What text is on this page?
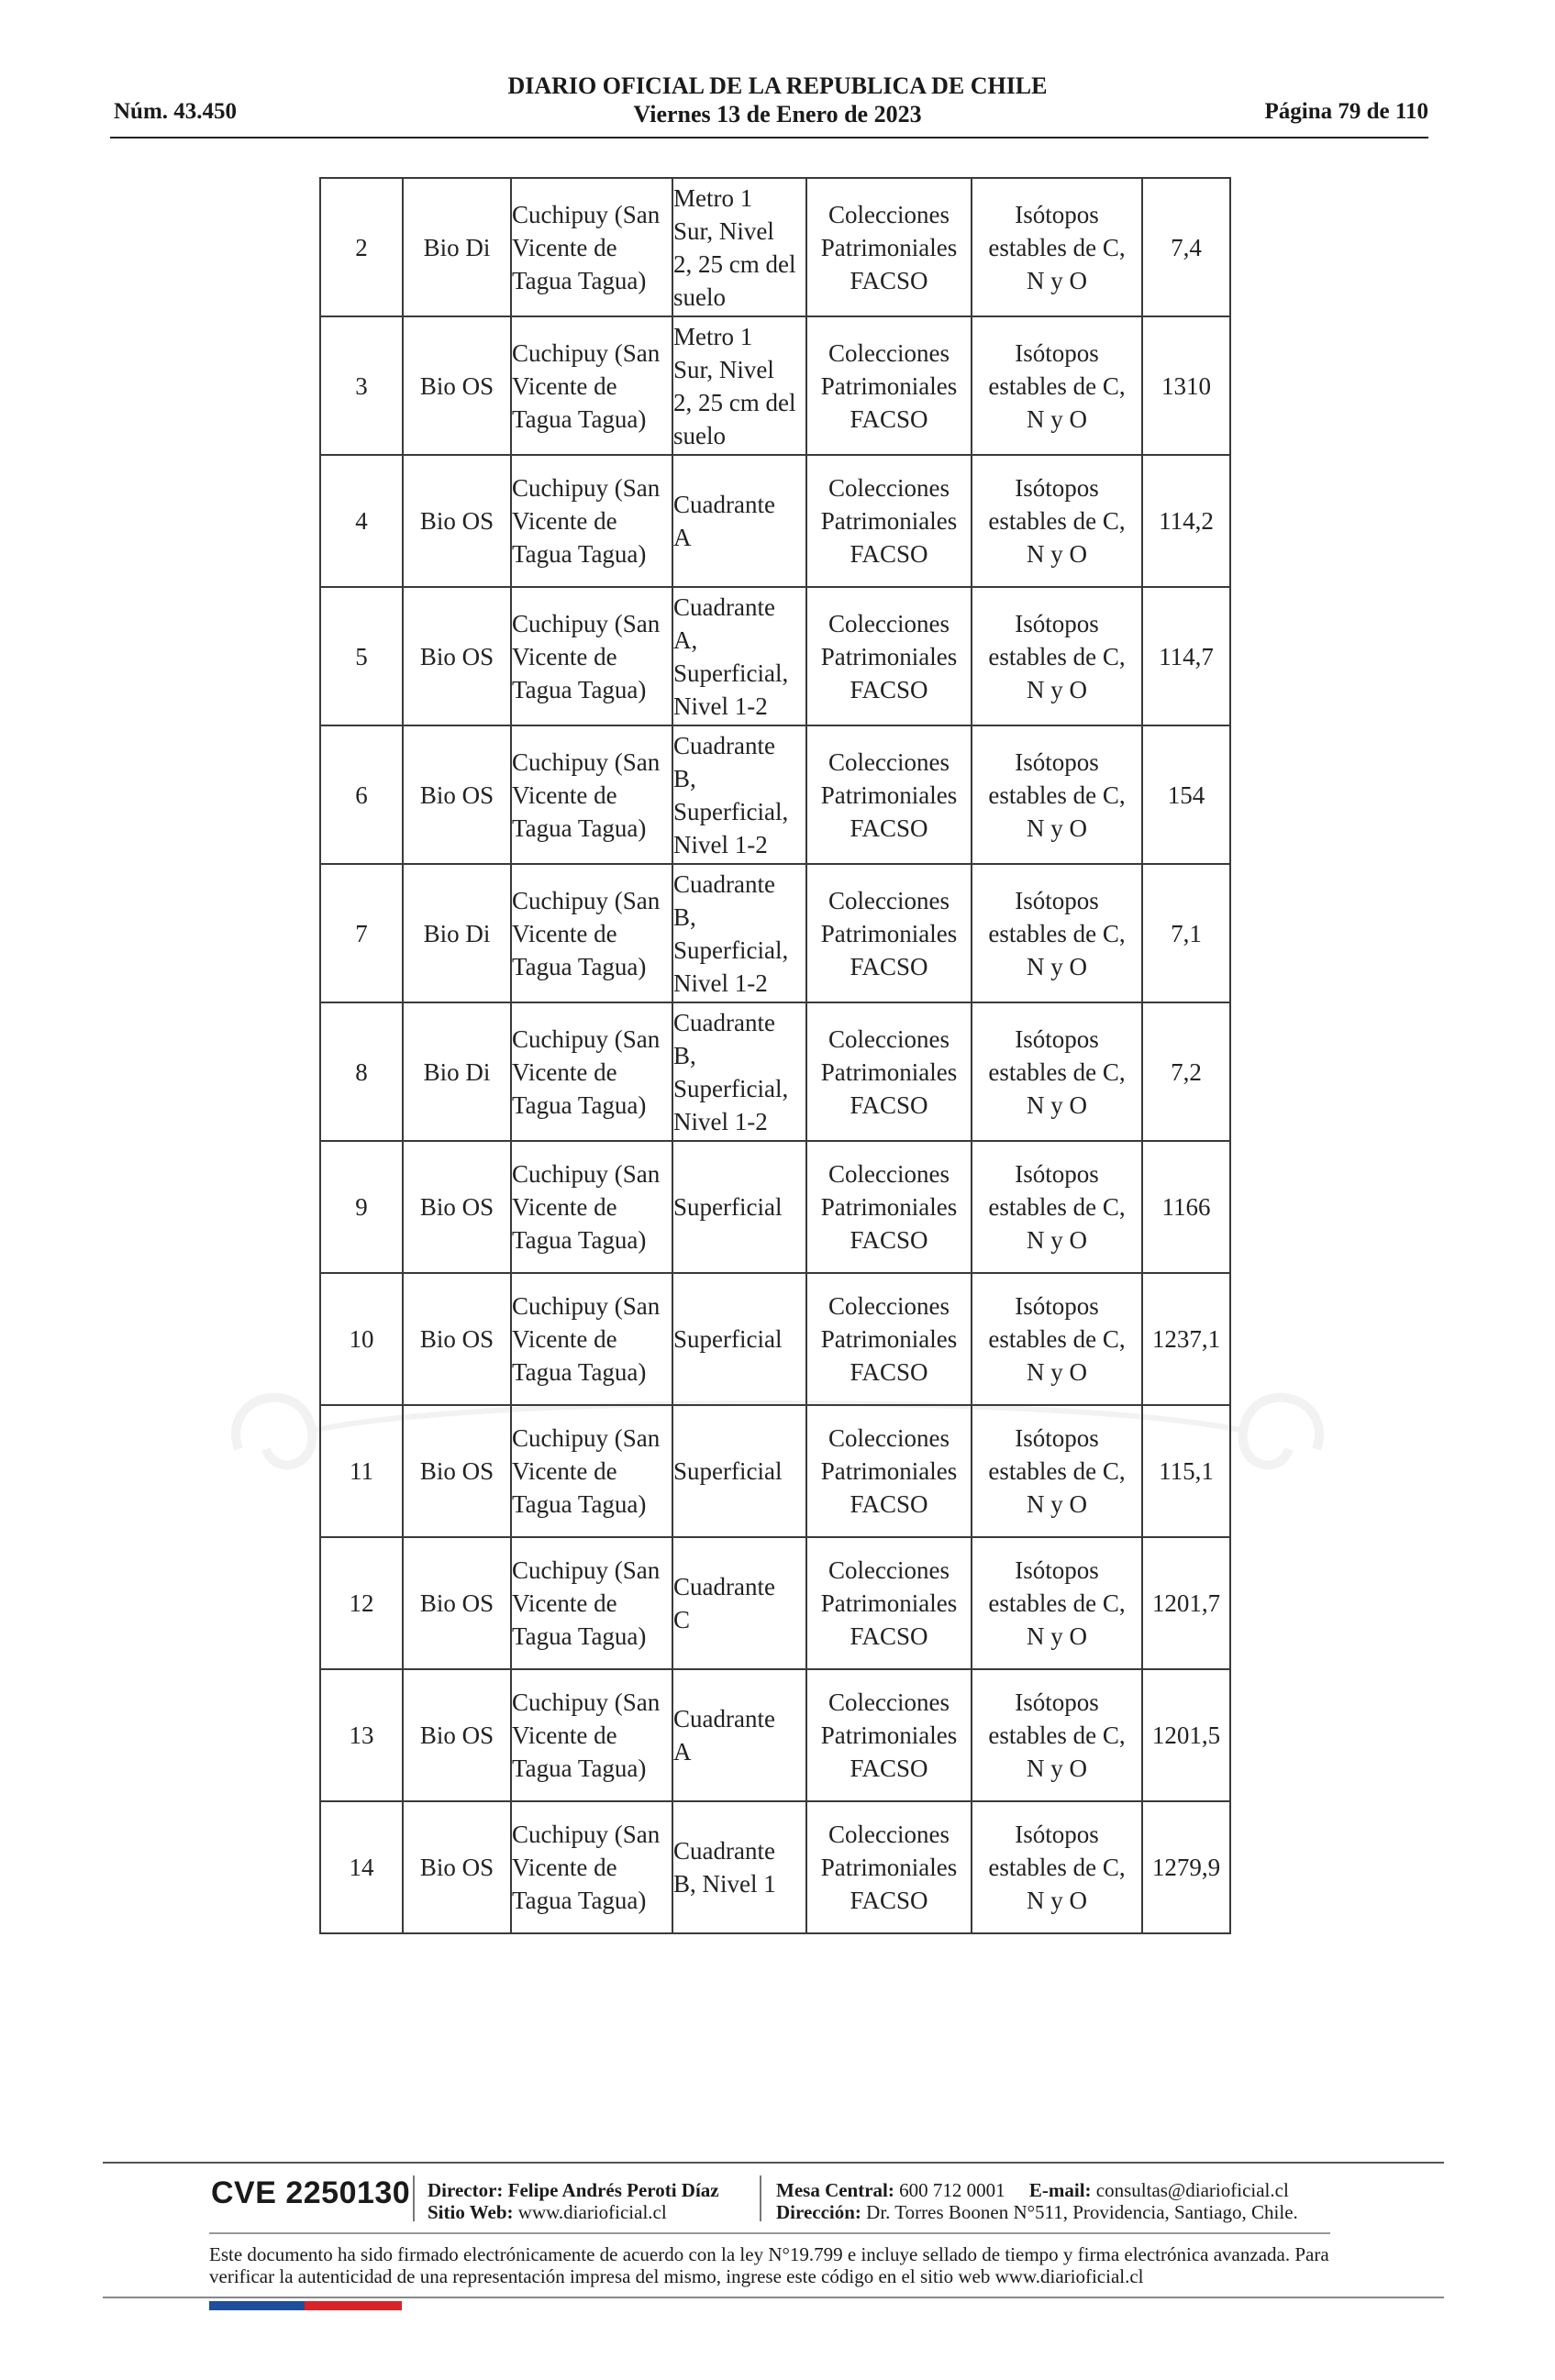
Núm. 43.450
DIARIO OFICIAL DE LA REPUBLICA DE CHILE
Viernes 13 de Enero de 2023	Página 79 de 110
2	Bio Di	Cuchipuy (San
Vicente de
Tagua Tagua)	Metro 1
Sur, Nivel
2, 25 cm del
suelo	Colecciones
Patrimoniales
FACSO	Isótopos
estables de C,
N y O	7,4
3	Bio OS	Cuchipuy (San
Vicente de
Tagua Tagua)	Metro 1
Sur, Nivel
2, 25 cm del
suelo	Colecciones
Patrimoniales
FACSO	Isótopos
estables de C,
N y O	1310
4	Bio OS	Cuchipuy (San
Vicente de
Tagua Tagua)	Cuadrante
A	Colecciones
Patrimoniales
FACSO	Isótopos
estables de C,
N y O	114,2
5	Bio OS	Cuchipuy (San
Vicente de
Tagua Tagua)	Cuadrante
A,
Superficial,
Nivel 1-2	Colecciones
Patrimoniales
FACSO	Isótopos
estables de C,
N y O	114,7
6	Bio OS	Cuchipuy (San
Vicente de
Tagua Tagua)	Cuadrante
B,
Superficial,
Nivel 1-2	Colecciones
Patrimoniales
FACSO	Isótopos
estables de C,
N y O	154
7	Bio Di	Cuchipuy (San
Vicente de
Tagua Tagua)	Cuadrante
B,
Superficial,
Nivel 1-2	Colecciones
Patrimoniales
FACSO	Isótopos
estables de C,
N y O	7,1
8	Bio Di	Cuchipuy (San
Vicente de
Tagua Tagua)	Cuadrante
B,
Superficial,
Nivel 1-2	Colecciones
Patrimoniales
FACSO	Isótopos
estables de C,
N y O	7,2
9	Bio OS	Cuchipuy (San
Vicente de
Tagua Tagua)	Superficial	Colecciones
Patrimoniales
FACSO	Isótopos
estables de C,
N y O	1166
10	Bio OS	Cuchipuy (San
Vicente de
Tagua Tagua)	Superficial	Colecciones
Patrimoniales
FACSO	Isótopos
estables de C,
N y O	1237,1
11	Bio OS	Cuchipuy (San
Vicente de
Tagua Tagua)	Superficial	Colecciones
Patrimoniales
FACSO	Isótopos
estables de C,
N y O	115,1
12	Bio OS	Cuchipuy (San
Vicente de
Tagua Tagua)	Cuadrante
C	Colecciones
Patrimoniales
FACSO	Isótopos
estables de C,
N y O	1201,7
13	Bio OS	Cuchipuy (San
Vicente de
Tagua Tagua)	Cuadrante
A	Colecciones
Patrimoniales
FACSO	Isótopos
estables de C,
N y O	1201,5
14	Bio OS	Cuchipuy (San
Vicente de
Tagua Tagua)	Cuadrante
B, Nivel 1	Colecciones
Patrimoniales
FACSO	Isótopos
estables de C,
N y O	1279,9
CVE 2250130 Director: Felipe Andrés Peroti Díaz
Sitio Web: www.diarioficial.cl
Mesa Central: 600 712 0001 E-mail: consultas@diarioficial.cl
Dirección: Dr. Torres Boonen N°511, Providencia, Santiago, Chile.
Este documento ha sido firmado electrónicamente de acuerdo con la ley N°19.799 e incluye sellado de tiempo y firma electrónica avanzada. Para verificar la autenticidad de una representación impresa del mismo, ingrese este código en el sitio web www.diarioficial.cl
